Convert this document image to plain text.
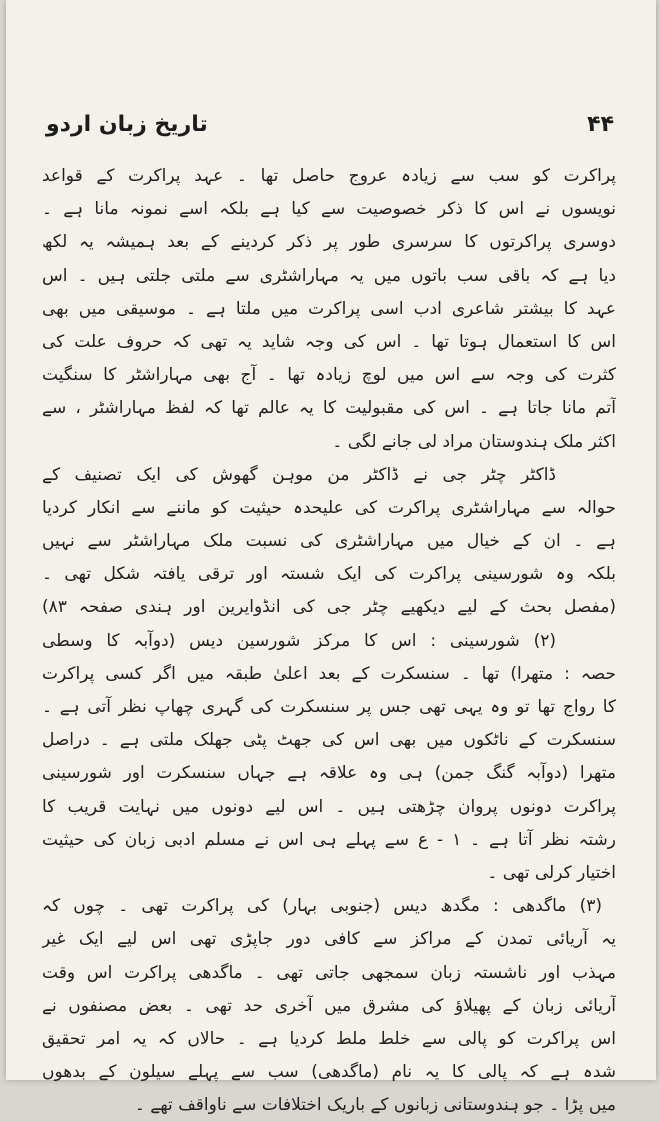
تاریخ زبان اردو	۴۴
پراکرت کو سب سے زیادہ عروج حاصل تھا ۔ عہد پراکرت کے قواعد
نویسوں نے اس کا ذکر خصوصیت سے کیا ہے بلکہ اسے نمونہ مانا ہے ۔
دوسری پراکرتوں کا سرسری طور پر ذکر کردینے کے بعد ہمیشہ یہ لکھ
دیا ہے کہ باقی سب باتوں میں یہ مہاراشٹری سے ملتی جلتی ہیں ۔ اس
عہد کا بیشتر شاعری ادب اسی پراکرت میں ملتا ہے ۔ موسیقی میں بھی
اس کا استعمال ہوتا تھا ۔ اس کی وجہ شاید یہ تھی کہ حروف علت کی
کثرت کی وجہ سے اس میں لوچ زیادہ تھا ۔ آج بھی مہاراشٹر کا سنگیت
آتم مانا جاتا ہے ۔ اس کی مقبولیت کا یہ عالم تھا کہ لفظ مہاراشٹر ، سے
اکثر ملک ہندوستان مراد لی جانے لگی ۔
ڈاکٹر چٹر جی نے ڈاکٹر من موہن گھوش کی ایک تصنیف کے
حوالہ سے مہاراشٹری پراکرت کی علیحدہ حیثیت کو ماننے سے انکار کردیا
ہے ۔ ان کے خیال میں مہاراشٹری کی نسبت ملک مہاراشٹر سے نہیں
بلکہ وہ شورسینی پراکرت کی ایک شستہ اور ترقی یافتہ شکل تھی ۔
(مفصل بحث کے لیے دیکھیے چٹر جی کی انڈوایرین اور ہندی صفحہ ۸۳)
(۲) شورسینی : اس کا مرکز شورسین دیس (دوآبہ کا وسطی
حصہ : متھرا) تھا ۔ سنسکرت کے بعد اعلیٰ طبقہ میں اگر کسی پراکرت
کا رواج تھا تو وہ یہی تھی جس پر سنسکرت کی گہری چھاپ نظر آتی ہے ۔
سنسکرت کے ناٹکوں میں بھی اس کی جھٹ پٹی جھلک ملتی ہے ۔ دراصل
متھرا (دوآبہ گنگ جمن) ہی وہ علاقہ ہے جہاں سنسکرت اور شورسینی
پراکرت دونوں پروان چڑھتی ہیں ۔ اس لیے دونوں میں نہایت قریب کا
رشتہ نظر آتا ہے ۔ ۱ - ع سے پہلے ہی اس نے مسلم ادبی زبان کی حیثیت
اختیار کرلی تھی ۔
(۳) ماگدھی : مگدھ دیس (جنوبی بہار) کی پراکرت تھی ۔ چوں کہ
یہ آریائی تمدن کے مراکز سے کافی دور جاپڑی تھی اس لیے ایک غیر
مہذب اور ناشستہ زبان سمجھی جاتی تھی ۔ ماگدھی پراکرت اس وقت
آریائی زبان کے پھیلاؤ کی مشرق میں آخری حد تھی ۔ بعض مصنفوں نے
اس پراکرت کو پالی سے خلط ملط کردیا ہے ۔ حالاں کہ یہ امر تحقیق
شدہ ہے کہ پالی کا یہ نام (ماگدھی) سب سے پہلے سیلون کے بدھوں
میں پڑا ۔ جو ہندوستانی زبانوں کے باریک اختلافات سے ناواقف تھے ۔
